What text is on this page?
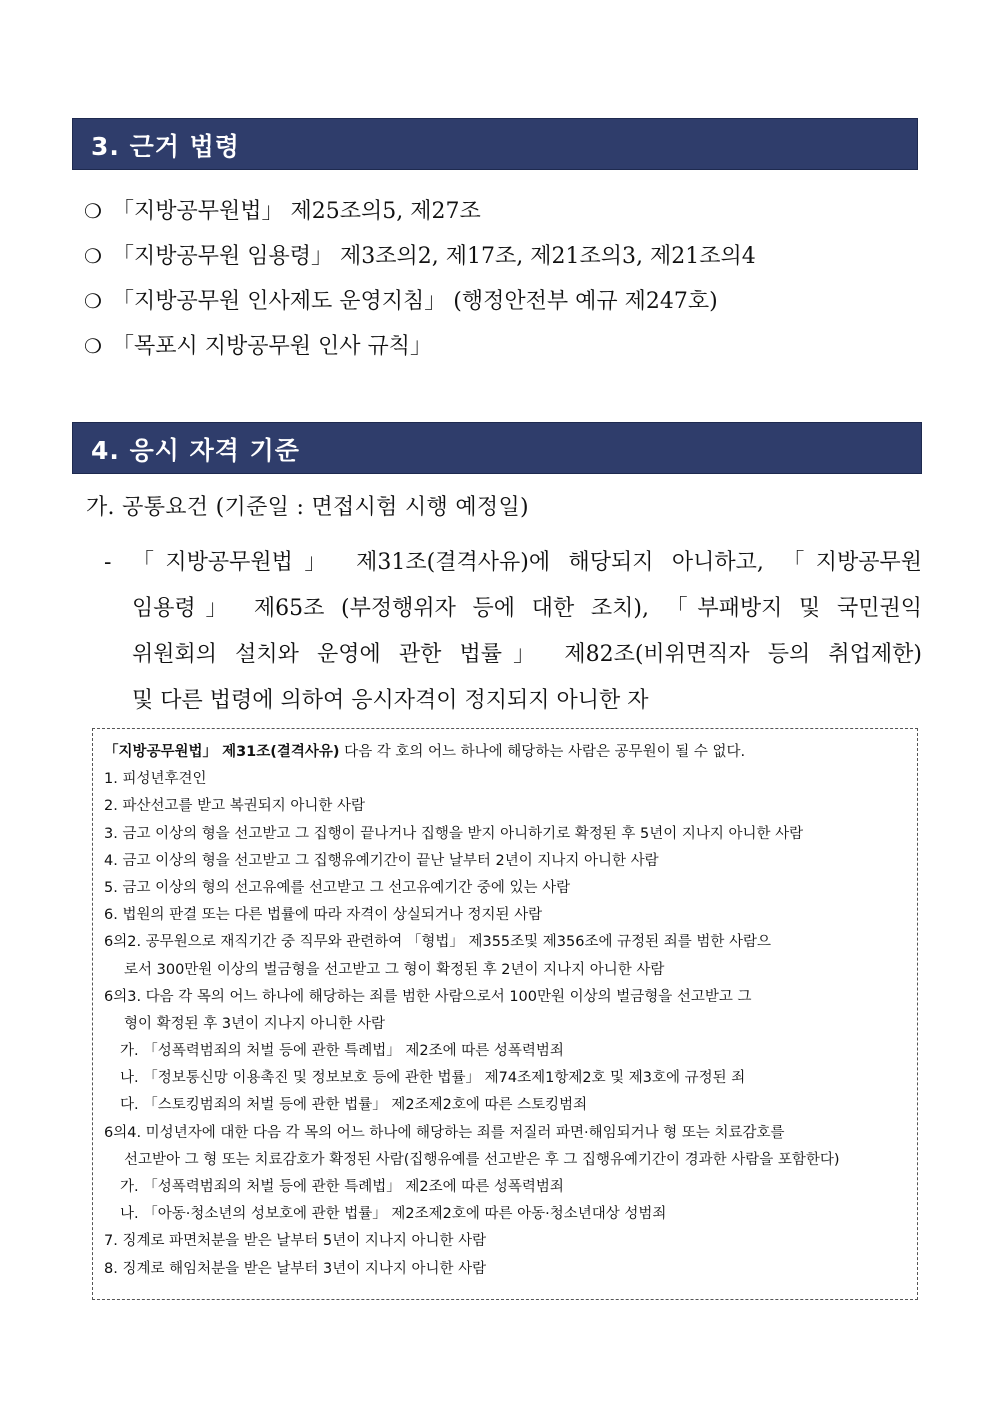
3. 근거 법령
❍ 「지방공무원법」 제25조의5, 제27조
❍ 「지방공무원 임용령」 제3조의2, 제17조, 제21조의3, 제21조의4
❍ 「지방공무원 인사제도 운영지침」 (행정안전부 예규 제247호)
❍ 「목포시 지방공무원 인사 규칙」
4. 응시 자격 기준
가. 공통요건 (기준일 : 면접시험 시행 예정일)
- 「지방공무원법」 제31조(결격사유)에 해당되지 아니하고, 「지방공무원
임용령」 제65조 (부정행위자 등에 대한 조치), 「부패방지 및 국민권익
위원회의 설치와 운영에 관한 법률」 제82조(비위면직자 등의 취업제한)
및 다른 법령에 의하여 응시자격이 정지되지 아니한 자
「지방공무원법」 제31조(결격사유) 다음 각 호의 어느 하나에 해당하는 사람은 공무원이 될 수 없다.
1. 피성년후견인
2. 파산선고를 받고 복권되지 아니한 사람
3. 금고 이상의 형을 선고받고 그 집행이 끝나거나 집행을 받지 아니하기로 확정된 후 5년이 지나지 아니한 사람
4. 금고 이상의 형을 선고받고 그 집행유예기간이 끝난 날부터 2년이 지나지 아니한 사람
5. 금고 이상의 형의 선고유예를 선고받고 그 선고유예기간 중에 있는 사람
6. 법원의 판결 또는 다른 법률에 따라 자격이 상실되거나 정지된 사람
6의2. 공무원으로 재직기간 중 직무와 관련하여 「형법」 제355조및 제356조에 규정된 죄를 범한 사람으
로서 300만원 이상의 벌금형을 선고받고 그 형이 확정된 후 2년이 지나지 아니한 사람
6의3. 다음 각 목의 어느 하나에 해당하는 죄를 범한 사람으로서 100만원 이상의 벌금형을 선고받고 그
형이 확정된 후 3년이 지나지 아니한 사람
가. 「성폭력범죄의 처벌 등에 관한 특례법」 제2조에 따른 성폭력범죄
나. 「정보통신망 이용촉진 및 정보보호 등에 관한 법률」 제74조제1항제2호 및 제3호에 규정된 죄
다. 「스토킹범죄의 처벌 등에 관한 법률」 제2조제2호에 따른 스토킹범죄
6의4. 미성년자에 대한 다음 각 목의 어느 하나에 해당하는 죄를 저질러 파면·해임되거나 형 또는 치료감호를
선고받아 그 형 또는 치료감호가 확정된 사람(집행유예를 선고받은 후 그 집행유예기간이 경과한 사람을 포함한다)
가. 「성폭력범죄의 처벌 등에 관한 특례법」 제2조에 따른 성폭력범죄
나. 「아동·청소년의 성보호에 관한 법률」 제2조제2호에 따른 아동·청소년대상 성범죄
7. 징계로 파면처분을 받은 날부터 5년이 지나지 아니한 사람
8. 징계로 해임처분을 받은 날부터 3년이 지나지 아니한 사람
